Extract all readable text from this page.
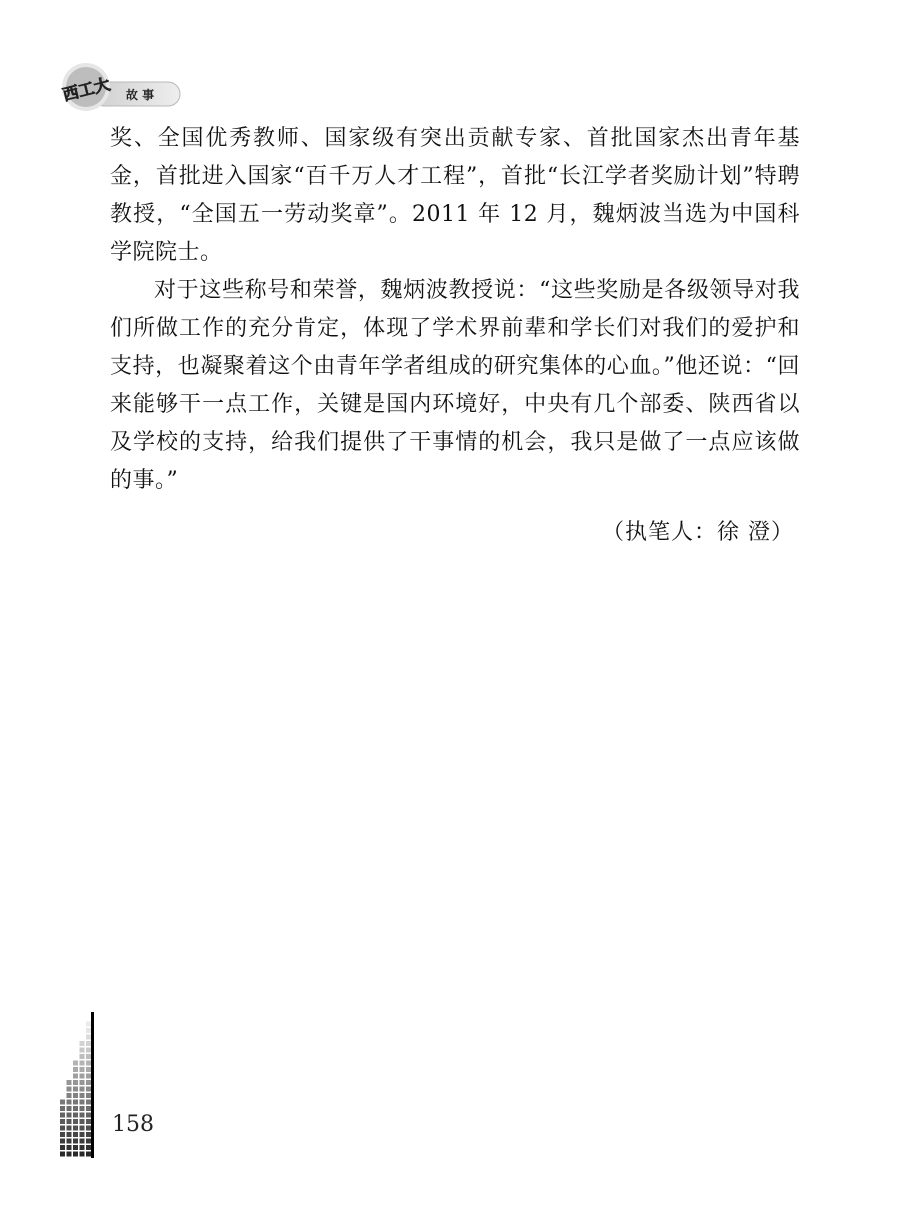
西工大 故 事

奖、全国优秀教师、国家级有突出贡献专家、首批国家杰出青年基金，首批进入国家“百千万人才工程”，首批“长江学者奖励计划”特聘教授，“全国五一劳动奖章”。2011 年 12 月，魏炳波当选为中国科学院院士。

对于这些称号和荣誉，魏炳波教授说：“这些奖励是各级领导对我们所做工作的充分肯定，体现了学术界前辈和学长们对我们的爱护和支持，也凝聚着这个由青年学者组成的研究集体的心血。”他还说：“回来能够干一点工作，关键是国内环境好，中央有几个部委、陕西省以及学校的支持，给我们提供了干事情的机会，我只是做了一点应该做的事。”

（执笔人：徐 澄）
158
